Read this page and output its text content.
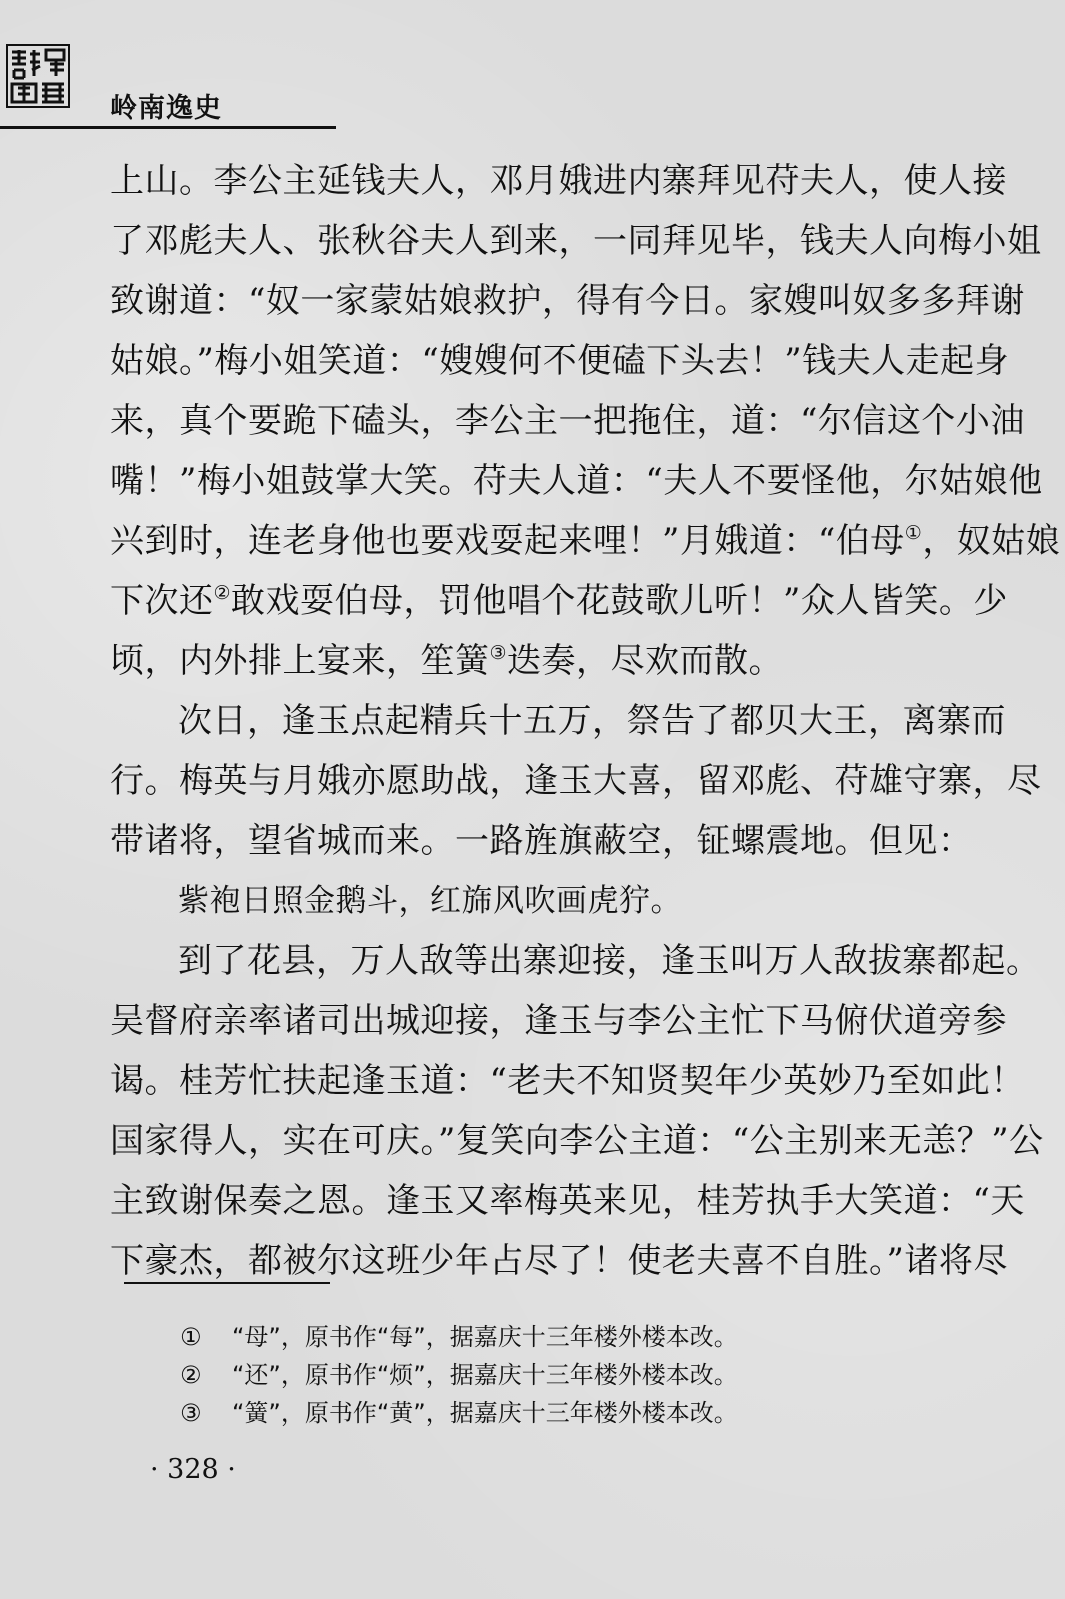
岭南逸史
上山。李公主延钱夫人，邓月娥进内寨拜见苻夫人，使人接
了邓彪夫人、张秋谷夫人到来，一同拜见毕，钱夫人向梅小姐
致谢道：“奴一家蒙姑娘救护，得有今日。家嫂叫奴多多拜谢
姑娘。”梅小姐笑道：“嫂嫂何不便磕下头去！”钱夫人走起身
来，真个要跪下磕头，李公主一把拖住，道：“尔信这个小油
嘴！”梅小姐鼓掌大笑。苻夫人道：“夫人不要怪他，尔姑娘他
兴到时，连老身他也要戏耍起来哩！”月娥道：“伯母①，奴姑娘
下次还②敢戏耍伯母，罚他唱个花鼓歌儿听！”众人皆笑。少
顷，内外排上宴来，笙簧③迭奏，尽欢而散。
次日，逢玉点起精兵十五万，祭告了都贝大王，离寨而
行。梅英与月娥亦愿助战，逢玉大喜，留邓彪、苻雄守寨，尽
带诸将，望省城而来。一路旌旗蔽空，钲螺震地。但见：
紫袍日照金鹅斗，红旆风吹画虎狞。
到了花县，万人敌等出寨迎接，逢玉叫万人敌拔寨都起。
吴督府亲率诸司出城迎接，逢玉与李公主忙下马俯伏道旁参
谒。桂芳忙扶起逢玉道：“老夫不知贤契年少英妙乃至如此！
国家得人，实在可庆。”复笑向李公主道：“公主别来无恙？”公
主致谢保奏之恩。逢玉又率梅英来见，桂芳执手大笑道：“天
下豪杰，都被尔这班少年占尽了！使老夫喜不自胜。”诸将尽
① “母”，原书作“每”，据嘉庆十三年楼外楼本改。
② “还”，原书作“烦”，据嘉庆十三年楼外楼本改。
③ “簧”，原书作“黄”，据嘉庆十三年楼外楼本改。
· 328 ·
